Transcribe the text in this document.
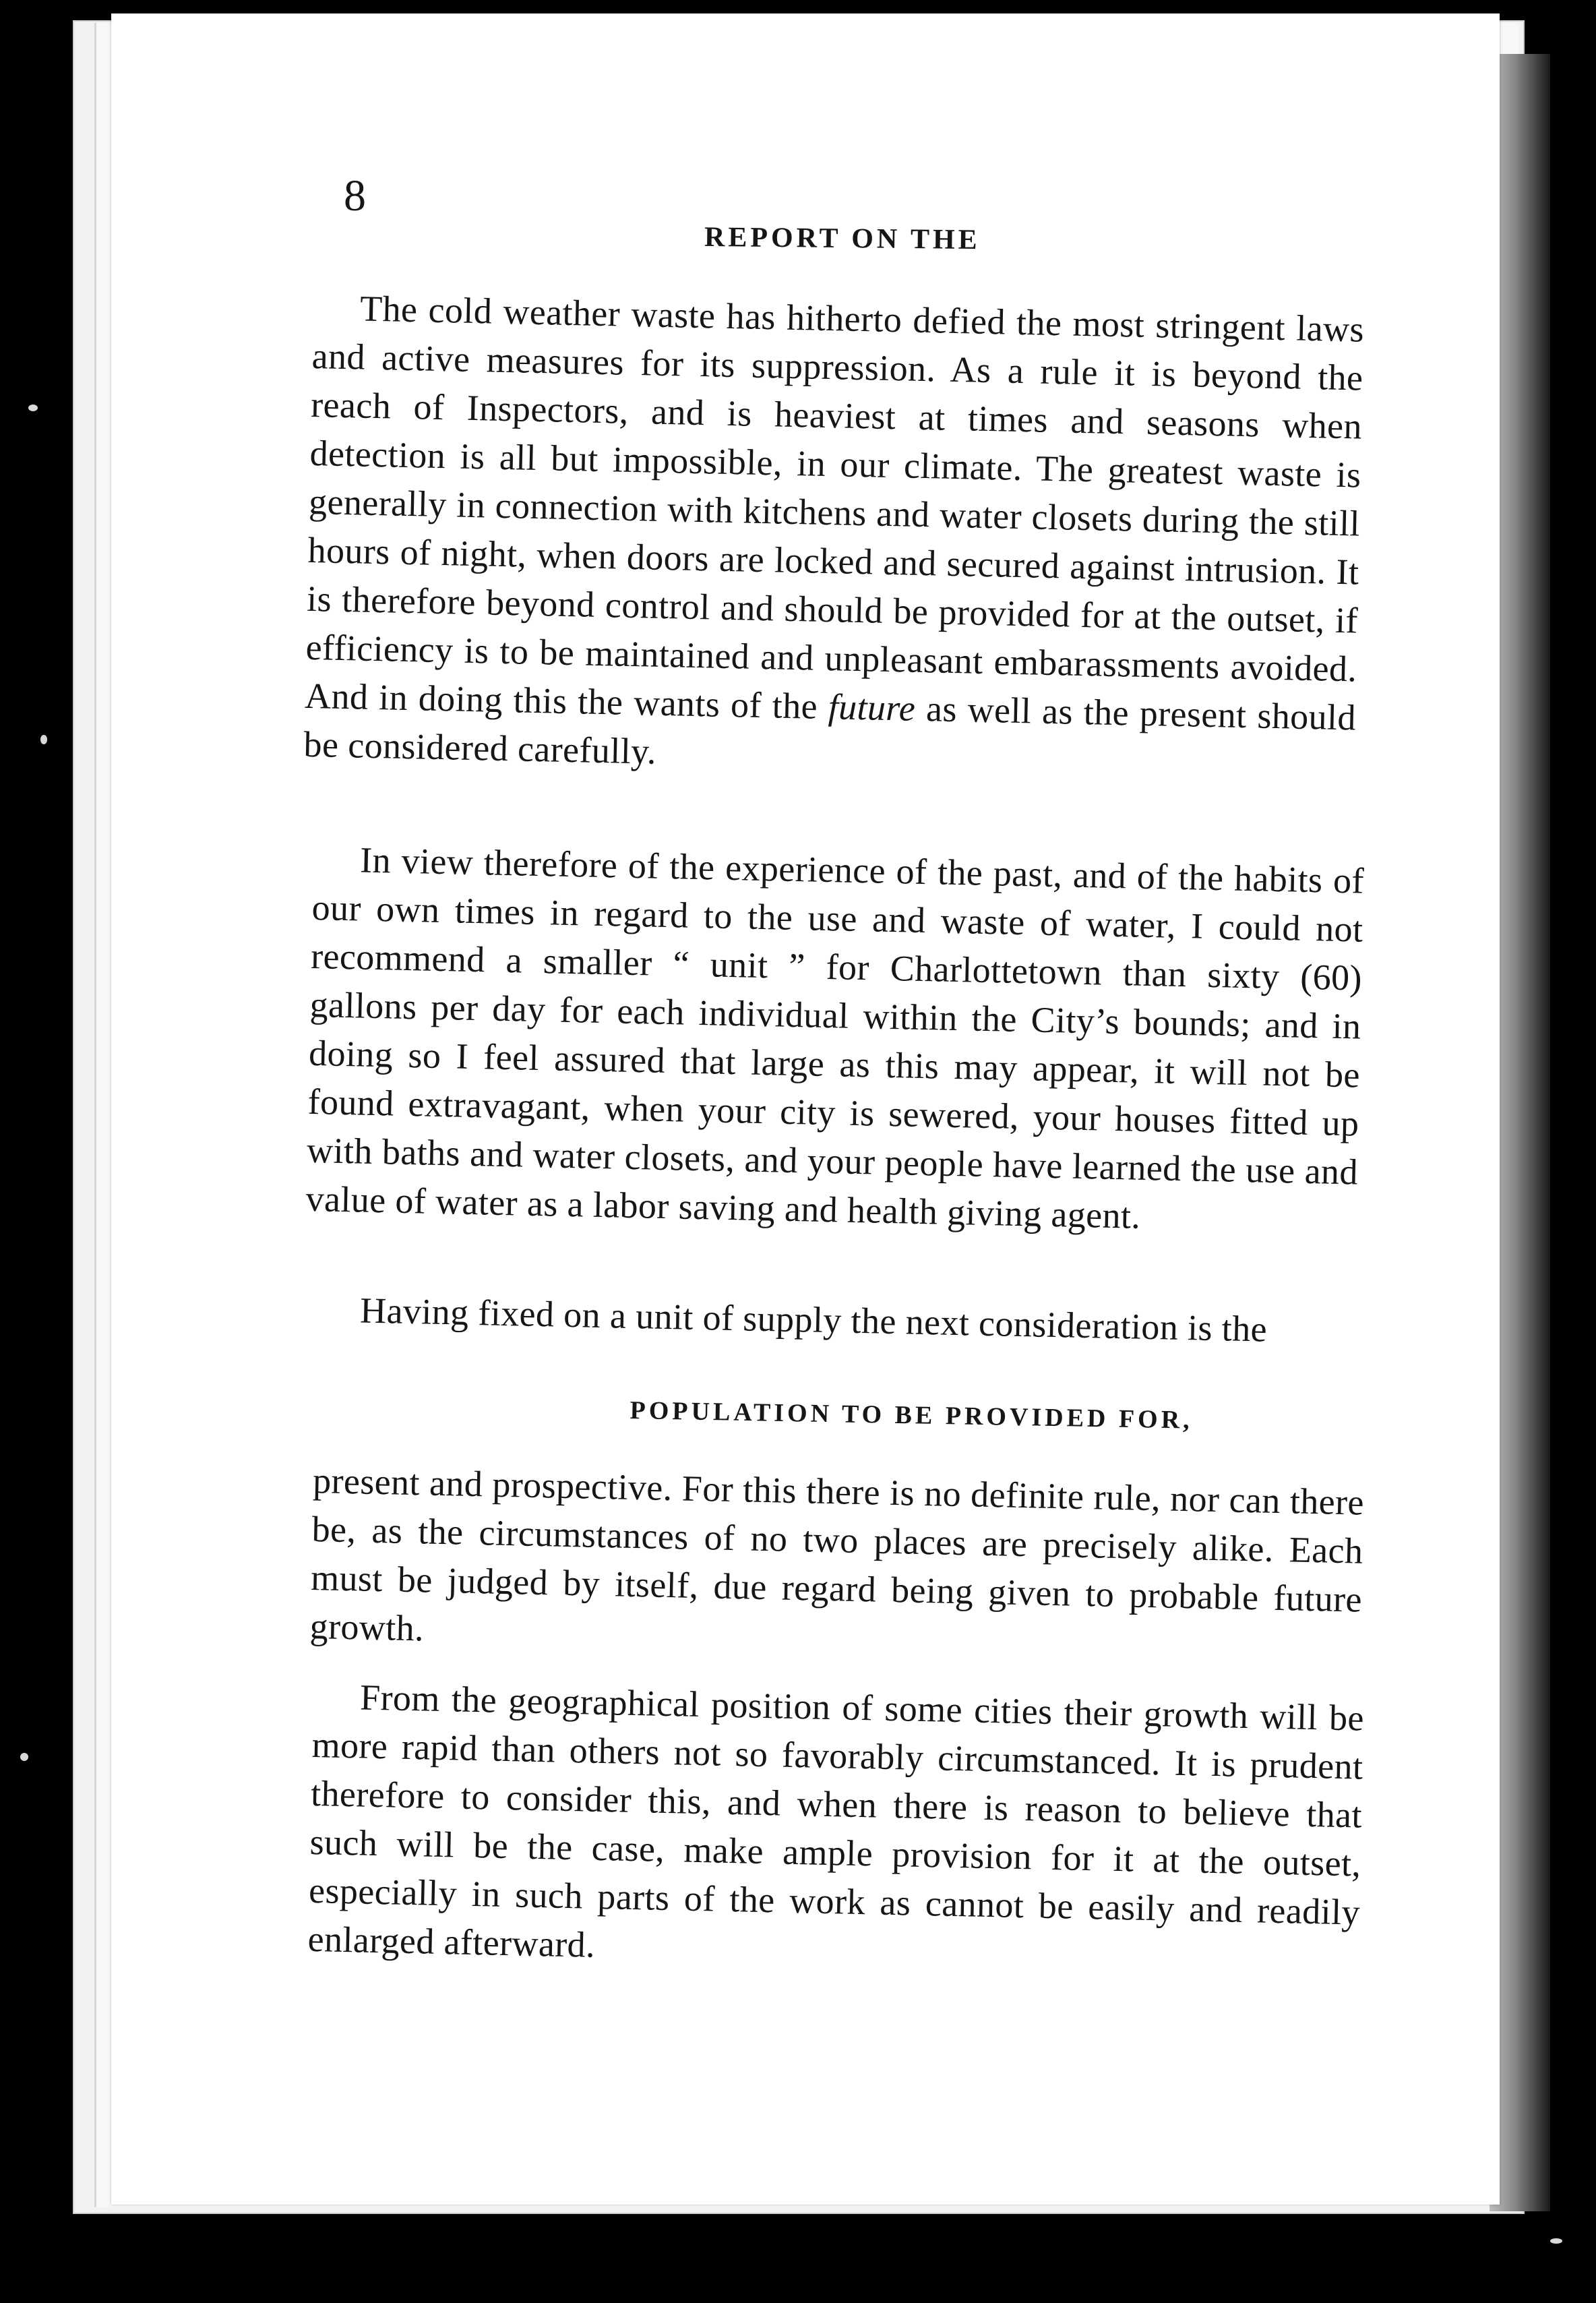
8
REPORT ON THE

The cold weather waste has hitherto defied the most stringent laws and active measures for its suppression. As a rule it is beyond the reach of Inspectors, and is heaviest at times and seasons when detection is all but impossible, in our climate. The greatest waste is generally in connection with kitchens and water closets during the still hours of night, when doors are locked and secured against intrusion. It is therefore beyond control and should be provided for at the outset, if efficiency is to be maintained and unpleasant embarassments avoided. And in doing this the wants of the future as well as the present should be considered carefully.

In view therefore of the experience of the past, and of the habits of our own times in regard to the use and waste of water, I could not recommend a smaller “ unit ” for Charlottetown than sixty (60) gallons per day for each individual within the City’s bounds; and in doing so I feel assured that large as this may appear, it will not be found extravagant, when your city is sewered, your houses fitted up with baths and water closets, and your people have learned the use and value of water as a labor saving and health giving agent.

Having fixed on a unit of supply the next consideration is the

POPULATION TO BE PROVIDED FOR,

present and prospective. For this there is no definite rule, nor can there be, as the circumstances of no two places are precisely alike. Each must be judged by itself, due regard being given to probable future growth.

From the geographical position of some cities their growth will be more rapid than others not so favorably circumstanced. It is prudent therefore to consider this, and when there is reason to believe that such will be the case, make ample provision for it at the outset, especially in such parts of the work as cannot be easily and readily enlarged afterward.
